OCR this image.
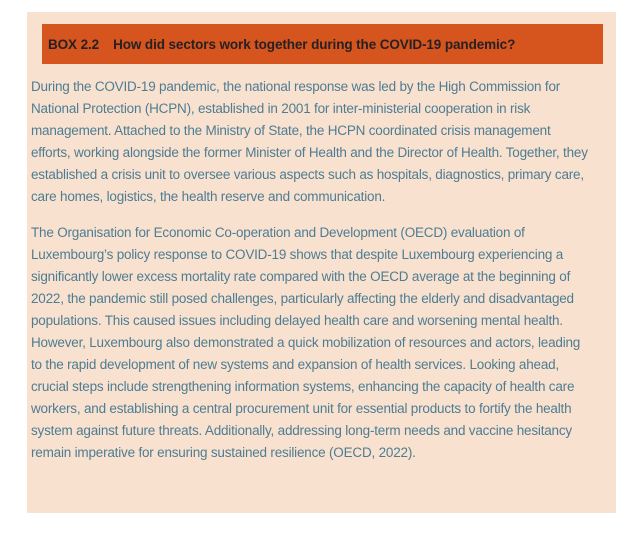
BOX 2.2 How did sectors work together during the COVID-19 pandemic?

During the COVID-19 pandemic, the national response was led by the High Commission for National Protection (HCPN), established in 2001 for inter-ministerial cooperation in risk management. Attached to the Ministry of State, the HCPN coordinated crisis management efforts, working alongside the former Minister of Health and the Director of Health. Together, they established a crisis unit to oversee various aspects such as hospitals, diagnostics, primary care, care homes, logistics, the health reserve and communication.

The Organisation for Economic Co-operation and Development (OECD) evaluation of Luxembourg’s policy response to COVID-19 shows that despite Luxembourg experiencing a significantly lower excess mortality rate compared with the OECD average at the beginning of 2022, the pandemic still posed challenges, particularly affecting the elderly and disadvantaged populations. This caused issues including delayed health care and worsening mental health. However, Luxembourg also demonstrated a quick mobilization of resources and actors, leading to the rapid development of new systems and expansion of health services. Looking ahead, crucial steps include strengthening information systems, enhancing the capacity of health care workers, and establishing a central procurement unit for essential products to fortify the health system against future threats. Additionally, addressing long-term needs and vaccine hesitancy remain imperative for ensuring sustained resilience (OECD, 2022).
